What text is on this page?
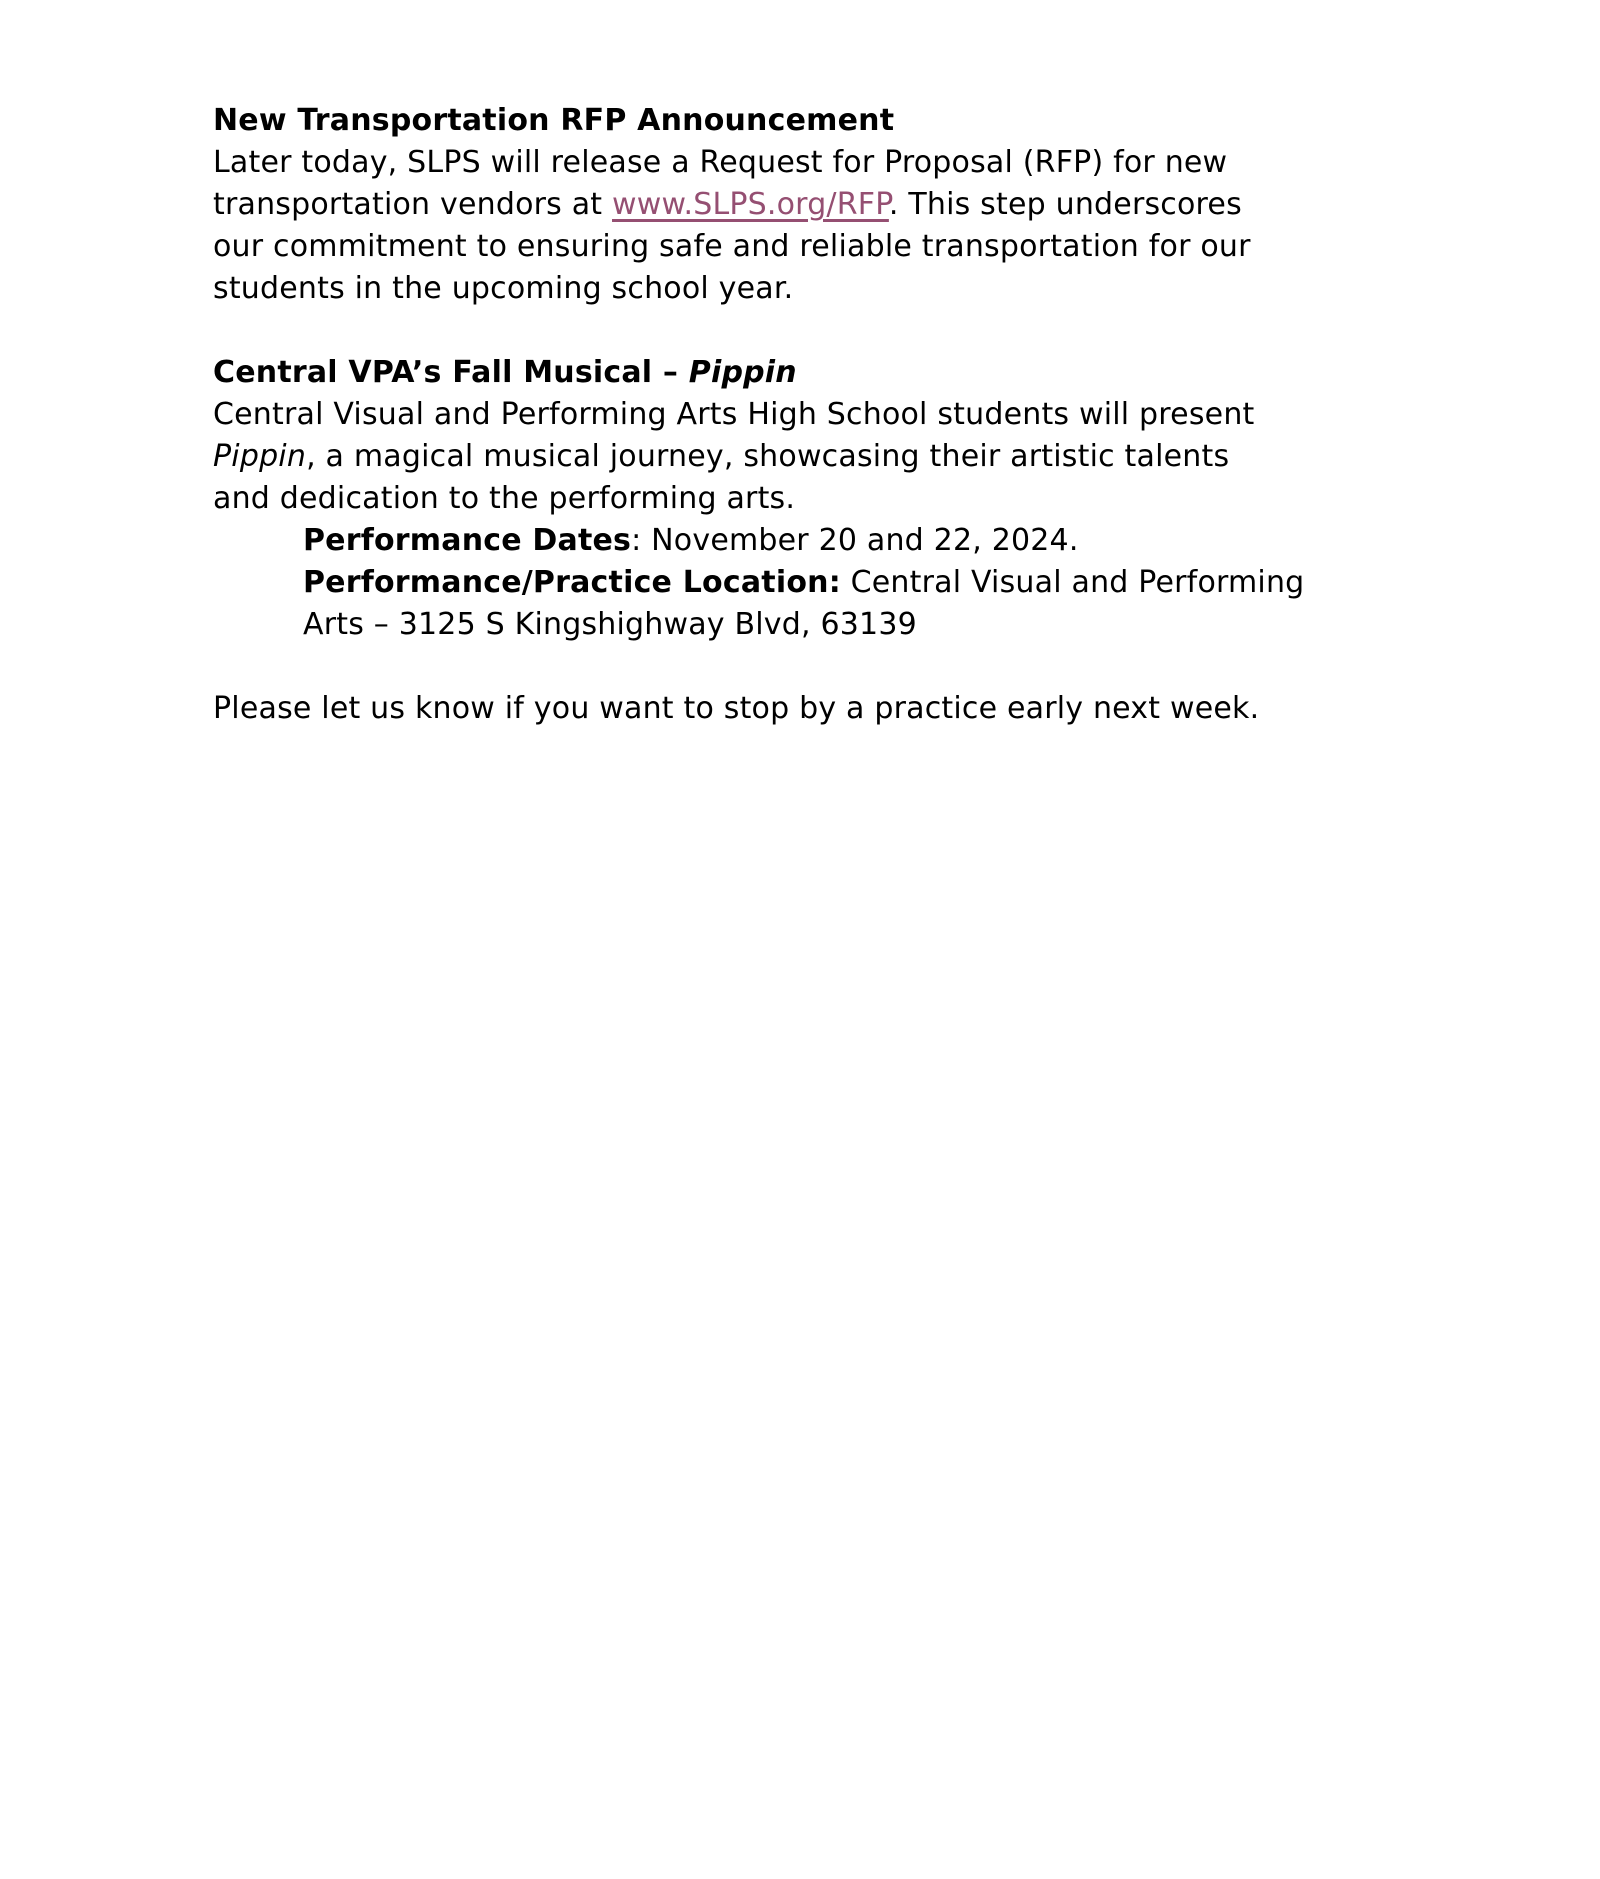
New Transportation RFP Announcement
Later today, SLPS will release a Request for Proposal (RFP) for new
transportation vendors at www.SLPS.org/RFP. This step underscores
our commitment to ensuring safe and reliable transportation for our
students in the upcoming school year.
Central VPA’s Fall Musical – Pippin
Central Visual and Performing Arts High School students will present
Pippin, a magical musical journey, showcasing their artistic talents
and dedication to the performing arts.
Performance Dates: November 20 and 22, 2024.
Performance/Practice Location: Central Visual and Performing
Arts – 3125 S Kingshighway Blvd, 63139
Please let us know if you want to stop by a practice early next week.
